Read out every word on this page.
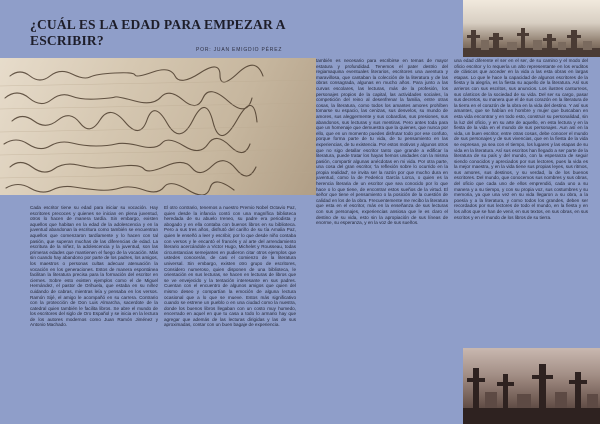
¿CUÁL ES LA EDAD PARA EMPEZAR A ESCRIBIR?
POR: JUAN EMIGDIO PÉREZ

Cada escritor tiene su edad para iniciar su vocación. Hay escritores precoces y quienes se inician en plena juventud, otros lo hacen de manera tardía. Sin embargo, existen aquellos que habitan en la edad de la adolescencia y en la juventud abandonan la escritura como también se encuentran aquellos que comenzaron tardíamente y lo hacen con tal pasión, que superan muchas de las diferencias de edad. La escritura de la niñez, la adolescencia y la juventud, son las primeras edades que mantienen el fuego de la vocación. Más sin cuando hay abandono por parte de los padres, los amigos, los maestros o personas cultas adecuar atenuación la vocación en los generaciones. Estos de manera espontánea facilitan la literatura precisa para la formación del escritor en ciernes. Sobre esto existen ejemplos como el de Miguel Hernández, el pastor de Orihuela, que estaba en su niñez cuidando de cabras, mientras leía y pensaba en los versos. Ramón Sijé, el amigo le acompañó en su carrera. Contrario con la protección de Don Luis Almarcha, sacerdote de la catedral quien también le facilita libros. Se abre el mundo de los escritores del siglo de Oro Español y se inicia en la lectura de los autores modernos como Juan Ramón Jiménez y Antonio Machado.

El otro contrario, tenemos a nuestro Premio Nobel Octavio Paz, quien desde la infancia contó con una magnífica biblioteca heredada de su abuelo Ireneo, su padre era periodista y abogado y en ella contaba con buenos libros en su biblioteca. Pero a sus tres años, disfrutó del cariño de su tía Amalia Paz, quien le enseñó a leer y escribir, por lo que desde niño contaba con versos y le encantó el francés y al arte del arrendamiento literario acercándole a Victor Hugo, Michelet y Rousseau, todas circunstancias semejantes en pudieron citar otros ejemplos que ustedes conocerán, de casi el comienzo de la literatura universal. Sin embargo, existen otro grupo de escritores, Considero numeroso, quien disponen de una biblioteca, le orientación en sus lecturas, se hacen en lecturas de libros que se ve envejecido y la tentación interesante en sus padres. Cuentan con el encuentro de algunos amigos que quien del mismo deseo y compartían la emoción de alguna lectura ocasional que a lo que se mueve. Estos más significativo cuando se estrene un pueblo o en una ciudad como la nuestra, donde los buenos libros llegaban con un costo muy humedo, encerrado en aquel en que tu casa a todo lo armario hay que agregar que además de las lecturas dirigidas y las de sus aproximadas, contar con un buen bagaje de experiencia.

también es necesario para escribirse en temas de mayor estatura y profundidad. Tenemos el pater destrio del regiamaquina eventuales literarios, escritores una aventura y maravillosa, que cantaban la colección de la literatura y de las obras consagrada, algunas en mucho años. Para junto a las curvas escolares, las lecturas, más de la profesión, los personajes propios de la capital, las actividades sociales, la competición del reino al desenfrenar la familia, entre otras cosas, la literatura, como todos los amantes amores prohíben tomarse su espacio, las cenizas, sus desvelos, su mundo de amores, sus aleggermente y sus cobardías, sus presiones, sus abandonos, sus lecturas y sus mentiras. Pero antes toda para que un homenaje que demuestra que la quienes, que nunca por ello, que en un momento puedes disfrutar todo por ese confuto, porque forma parte de tu vida, de tu pensamiento en las experiencias, de tu existencia. Por estos motivos y algunos otros que no sigo detallar escritor tanto que grande a edificar la literatura, puede tratar los hayas hemos unidades con la misma pasión, compartir algunas anécdotas en mi vida. Por otra parte, una cosa del gran escritor, 'la reflexión sobre lo ocurrido en la propia realidad', se invita ser la razón por que mucho dura en juventud, como la de Federico García Lorca, o quien es la herencia literaria de un escritor que sea conocido por lo que hace o lo que tiene, de encontrar estos sueños de la virtud. El señor que tiene el pensamiento o la posición de la cuestión de calidad en los de la obra. Frecuentemente me recibo la literatura que esta en el escritor, más en la enseñanza de sus lecturas con sus personajes, experiencias ansiosa que le es claro el destino de su vida, esto sin la apropiación de sus líneas de enorme, su esperanza, y en la voz de sus sueños.

una edad diferente el ser en el ser, de su camino y el modo del oficio escritor y lo requería un alto representante en los eruditos de clásicos que acceder en la vida a las esta obras en largas etapas. Lo que le hace la capacidad de algunos escritores de la fiesta y la alegría, es la fiesta su aquello de la literatura. Así sus arrieros con sus escritos, sus anuncios. Los ilustres canturreos, sus cánticos de la sociedad de su vida. Del ser su cargo, pasar sus decretos, su manera que el de sus corazón en la literatura de la tierra en el corazón de la obra en la vida del destino. Y así sus amantes, que se habían en hombre y mujer que buscaban en esta vida encontrar y en todo esto, construir su personalidad, sin la luz del oficio, y en su arte de aquello, en esta lectura y en la fiesta de la vida en el mundo de sus personajes. Aun así en la vida, un buen escritor, entre otras cosas, debe conocer el mundo de sus personajes y de sus vivencias, que en la fiesta de la vida se expresan, ya sea con el tiempo, los lugares y las etapas de su vida en la literatura. Así sus escritos han llegado a ser parte de la literatura de su país y del mundo, con la esperanza de seguir siendo conocidos y apreciados por sus lectores, pues la vida es la mejor maestra, y en la vida tiene sus propias leyes, sus ritmos, sus amores, sus destinos, y su verdad, la de los buenos escritores. Del mundo, que conocemos sus nombres y sus obras, del oficio que cada uno de ellos emprendió, cada uno a su manera y a su tiempo, y con su propia voz, sus costumbres y su memoria, ya que una vez en su vida llegaron a su obra, a la poesía y a la literatura, y como todos los grandes, deben ser recordados por sus lectores de todo el mundo, en la fiesta y en los años que se han de venir, en sus textos, en sus obras, en sus escritos y en el mundo de los libros de su tierra.
